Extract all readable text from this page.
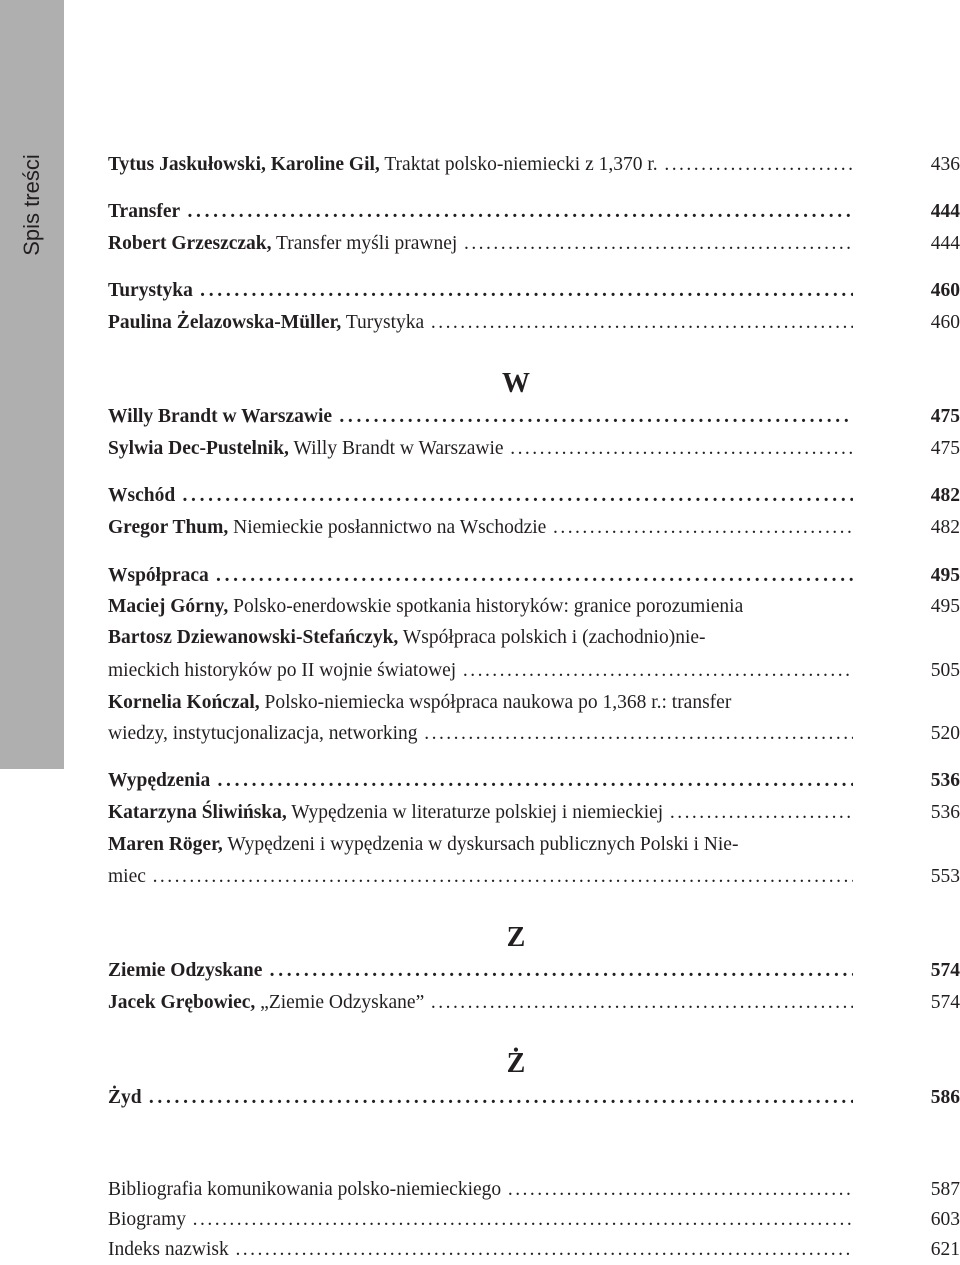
Spis treści	Tytus Jaskułowski, Karoline Gil, Traktat polsko-niemiecki z 1,370 r. . . .	436
Transfer . . .	444
Robert Grzeszczak, Transfer myśli prawnej . . .	444
Turystyka . . .	460
Paulina Żelazowska-Müller, Turystyka . . .	460
W
Willy Brandt w Warszawie . . .	475
Sylwia Dec-Pustelnik, Willy Brandt w Warszawie . . .	475
Wschód . . .	482
Gregor Thum, Niemieckie posłannictwo na Wschodzie . . .	482
Współpraca . . .	495
Maciej Górny, Polsko-enerdowskie spotkania historyków: granice porozumienia	495
Bartosz Dziewanowski-Stefańczyk, Współpraca polskich i (zachodnio)nie-
mieckich historyków po II wojnie światowej . . .	505
Kornelia Kończal, Polsko-niemiecka współpraca naukowa po 1,368 r.: transfer
wiedzy, instytucjonalizacja, networking . . .	520
Wypędzenia . . .	536
Katarzyna Śliwińska, Wypędzenia w literaturze polskiej i niemieckiej . . .	536
Maren Röger, Wypędzeni i wypędzenia w dyskursach publicznych Polski i Nie-
miec . . .	553
Z
Ziemie Odzyskane . . .	574
Jacek Grębowiec, „Ziemie Odzyskane” . . .	574
Ż
Żyd . . .	586
Bibliografia komunikowania polsko-niemieckiego . . .	587
Biogramy . . .	603
Indeks nazwisk . . .	621
